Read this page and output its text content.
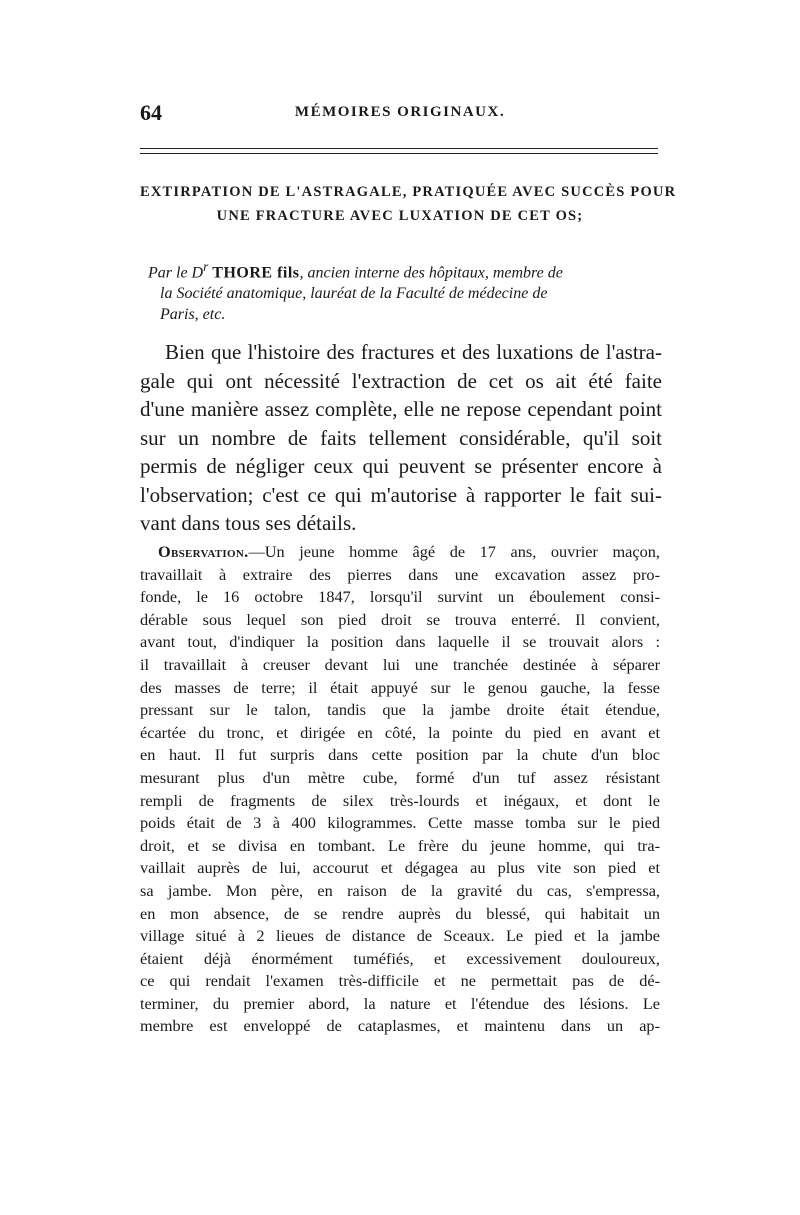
64	MÉMOIRES ORIGINAUX.
EXTIRPATION DE L'ASTRAGALE, PRATIQUÉE AVEC SUCCÈS POUR
UNE FRACTURE AVEC LUXATION DE CET OS;
Par le $D^r$ THORE fils, ancien interne des hôpitaux, membre de
la Société anatomique, lauréat de la Faculté de médecine de
Paris, etc.
Bien que l'histoire des fractures et des luxations de l'astra-
gale qui ont nécessité l'extraction de cet os ait été faite
d'une manière assez complète, elle ne repose cependant point
sur un nombre de faits tellement considérable, qu'il soit
permis de négliger ceux qui peuvent se présenter encore à
l'observation; c'est ce qui m'autorise à rapporter le fait sui-
vant dans tous ses détails.
Observation.—Un jeune homme âgé de 17 ans, ouvrier maçon,
travaillait à extraire des pierres dans une excavation assez pro-
fonde, le 16 octobre 1847, lorsqu'il survint un éboulement consi-
dérable sous lequel son pied droit se trouva enterré. Il convient,
avant tout, d'indiquer la position dans laquelle il se trouvait alors :
il travaillait à creuser devant lui une tranchée destinée à séparer
des masses de terre; il était appuyé sur le genou gauche, la fesse
pressant sur le talon, tandis que la jambe droite était étendue,
écartée du tronc, et dirigée en côté, la pointe du pied en avant et
en haut. Il fut surpris dans cette position par la chute d'un bloc
mesurant plus d'un mètre cube, formé d'un tuf assez résistant
rempli de fragments de silex très-lourds et inégaux, et dont le
poids était de 3 à 400 kilogrammes. Cette masse tomba sur le pied
droit, et se divisa en tombant. Le frère du jeune homme, qui tra-
vaillait auprès de lui, accourut et dégagea au plus vite son pied et
sa jambe. Mon père, en raison de la gravité du cas, s'empressa,
en mon absence, de se rendre auprès du blessé, qui habitait un
village situé à 2 lieues de distance de Sceaux. Le pied et la jambe
étaient déjà énormément tuméfiés, et excessivement douloureux,
ce qui rendait l'examen très-difficile et ne permettait pas de dé-
terminer, du premier abord, la nature et l'étendue des lésions. Le
membre est enveloppé de cataplasmes, et maintenu dans un ap-
